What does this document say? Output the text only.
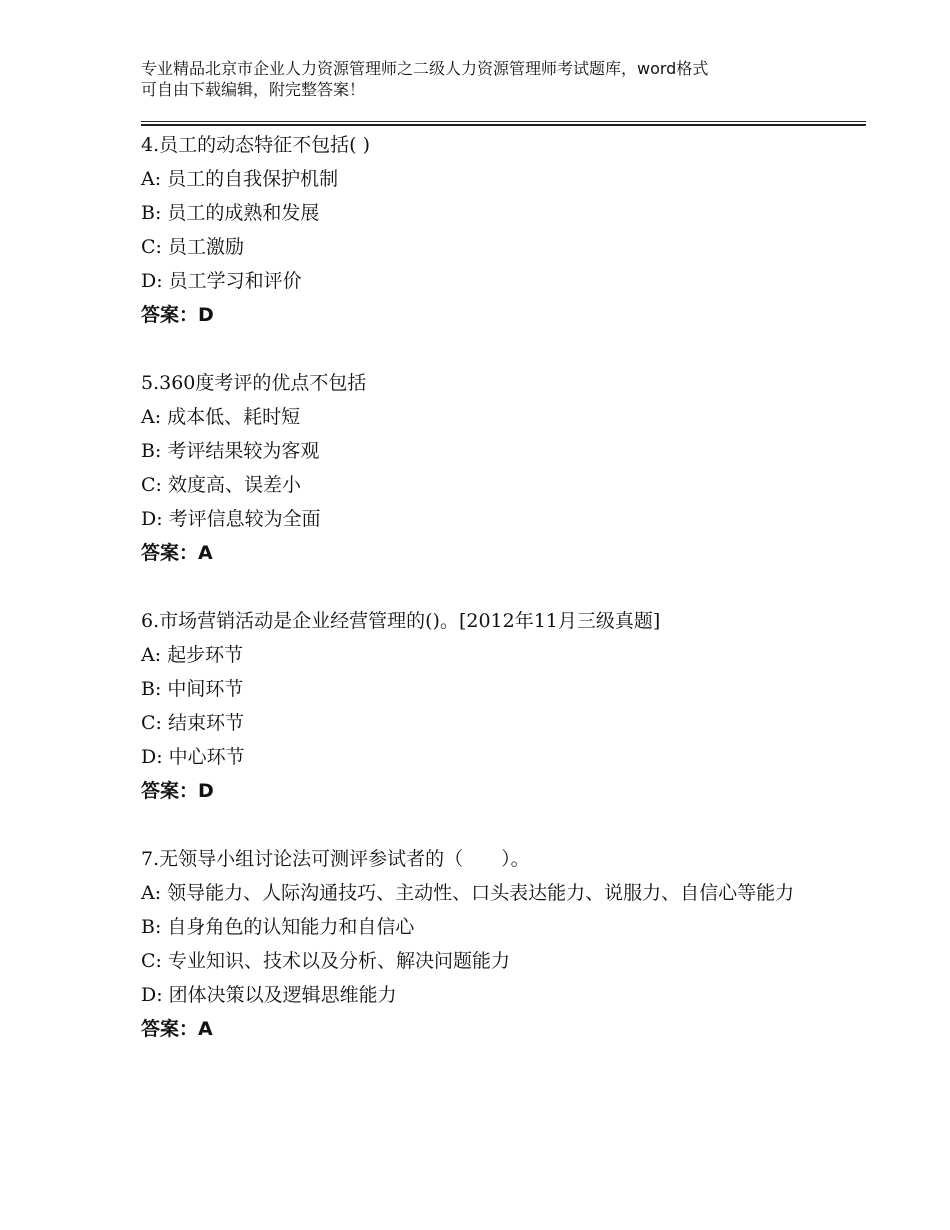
专业精品北京市企业人力资源管理师之二级人力资源管理师考试题库，word格式
可自由下载编辑，附完整答案！
4.员工的动态特征不包括( )
A: 员工的自我保护机制
B: 员工的成熟和发展
C: 员工激励
D: 员工学习和评价
答案：D
5.360度考评的优点不包括
A: 成本低、耗时短
B: 考评结果较为客观
C: 效度高、误差小
D: 考评信息较为全面
答案：A
6.市场营销活动是企业经营管理的()。[2012年11月三级真题]
A: 起步环节
B: 中间环节
C: 结束环节
D: 中心环节
答案：D
7.无领导小组讨论法可测评参试者的（　　）。
A: 领导能力、人际沟通技巧、主动性、口头表达能力、说服力、自信心等能力
B: 自身角色的认知能力和自信心
C: 专业知识、技术以及分析、解决问题能力
D: 团体决策以及逻辑思维能力
答案：A
